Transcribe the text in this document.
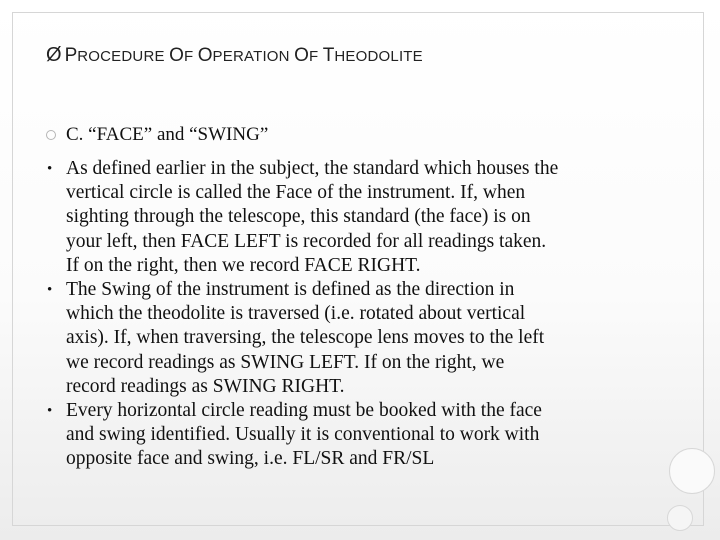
Ø PROCEDURE
OF
OPERATION
OF
THEODOLITE
C. “FACE” and “SWING”
• As defined earlier in the subject, the standard which houses the
vertical circle is called the Face of the instrument. If, when
sighting through the telescope, this standard (the face) is on
your left, then FACE LEFT is recorded for all readings taken.
If on the right, then we record FACE RIGHT.
• The Swing of the instrument is defined as the direction in
which the theodolite is traversed (i.e. rotated about vertical
axis). If, when traversing, the telescope lens moves to the left
we record readings as SWING LEFT. If on the right, we
record readings as SWING RIGHT.
• Every horizontal circle reading must be booked with the face
and swing identified. Usually it is conventional to work with
opposite face and swing, i.e. FL/SR and FR/SL
